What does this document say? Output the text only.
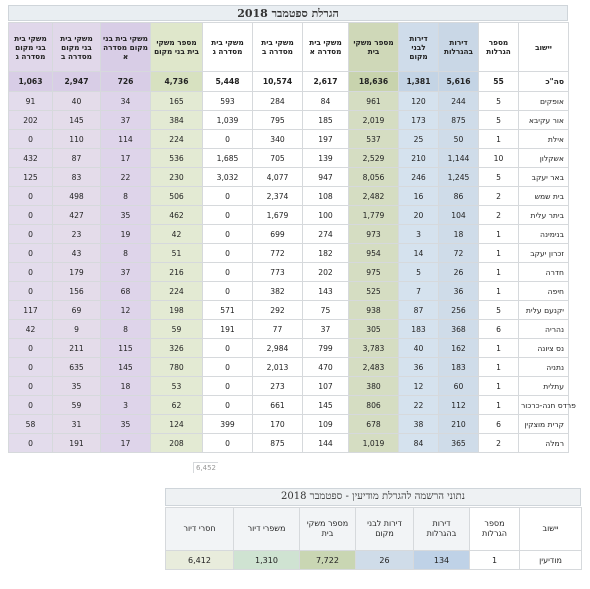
הגרלת ספטמבר 2018
משקי בית בני מקום מסדרה ג	משקי בית בני מקום מסדרה ב	משקי בית בני מקום מסדרה א	מספר משקי בית בני מקום	משקי בית מסדרה ג	משקי בית מסדרה ב	משקי בית מסדרה א	מספר משקי בית	דירות לבני מקום	דירות בהגרלות	מספר הגרלות	יישוב
1,063	2,947	726	4,736	5,448	10,574	2,617	18,636	1,381	5,616	55	סה"כ
91	40	34	165	593	284	84	961	120	244	5	אופקים
202	145	37	384	1,039	795	185	2,019	173	875	5	אור עקיבא
0	110	114	224	0	340	197	537	25	50	1	אילת
432	87	17	536	1,685	705	139	2,529	210	1,144	10	אשקלון
125	83	22	230	3,032	4,077	947	8,056	246	1,245	5	באר יעקב
0	498	8	506	0	2,374	108	2,482	16	86	2	בית שמש
0	427	35	462	0	1,679	100	1,779	20	104	2	ביתר עלית
0	23	19	42	0	699	274	973	3	18	1	בנימינה
0	43	8	51	0	772	182	954	14	72	1	זכרון יעקב
0	179	37	216	0	773	202	975	5	26	1	חדרה
0	156	68	224	0	382	143	525	7	36	1	חיפה
117	69	12	198	571	292	75	938	87	256	5	יקנעם עלית
42	9	8	59	191	77	37	305	183	368	6	נהריה
0	211	115	326	0	2,984	799	3,783	40	162	1	נס ציונה
0	635	145	780	0	2,013	470	2,483	36	183	1	נתניה
0	35	18	53	0	273	107	380	12	60	1	עתלית
0	59	3	62	0	661	145	806	22	112	1	פרדס חנה-כרכור
58	31	35	124	399	170	109	678	38	210	6	קרית מוצקין
0	191	17	208	0	875	144	1,019	84	365	2	רמלה
6,452
נתוני הרשמה להגרלת מודיעין - ספטמבר 2018
חסרי דיור	משפרי דיור	מספר משקי בית	דירות לבני מקום	דירות בהגרלות	מספר הגרלות	יישוב
6,412	1,310	7,722	26	134	1	מודיעין
